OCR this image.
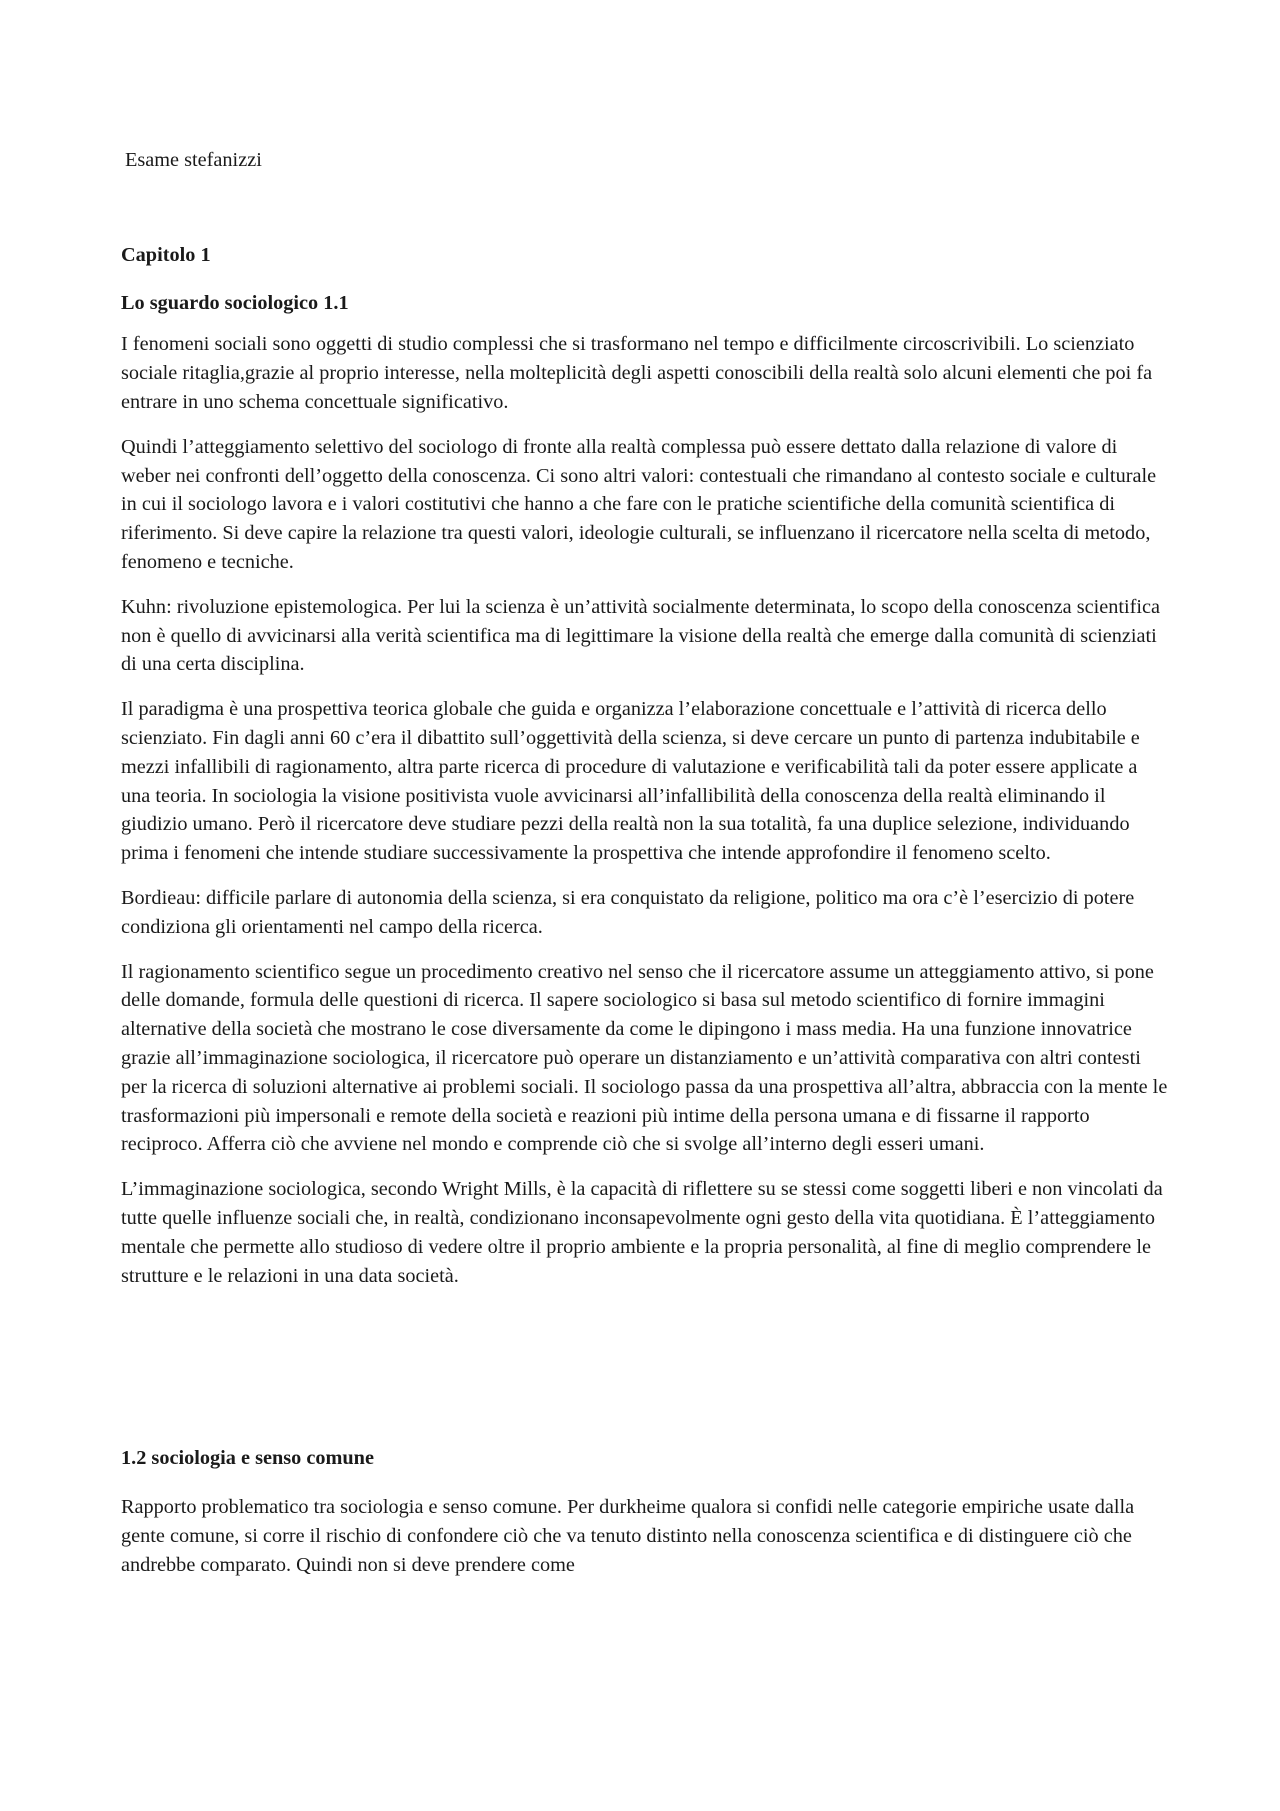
Esame stefanizzi

Capitolo 1

Lo sguardo sociologico 1.1

I fenomeni sociali sono oggetti di studio complessi che si trasformano nel tempo e difficilmente circoscrivibili. Lo scienziato sociale ritaglia,grazie al proprio interesse, nella molteplicità degli aspetti conoscibili della realtà solo alcuni elementi che poi fa entrare in uno schema concettuale significativo.

Quindi l’atteggiamento selettivo del sociologo di fronte alla realtà complessa può essere dettato dalla relazione di valore di weber nei confronti dell’oggetto della conoscenza. Ci sono altri valori: contestuali che rimandano al contesto sociale e culturale in cui il sociologo lavora e i valori costitutivi che hanno a che fare con le pratiche scientifiche della comunità scientifica di riferimento. Si deve capire la relazione tra questi valori, ideologie culturali, se influenzano il ricercatore nella scelta di metodo, fenomeno e tecniche.

Kuhn: rivoluzione epistemologica. Per lui la scienza è un’attività socialmente determinata, lo scopo della conoscenza scientifica non è quello di avvicinarsi alla verità scientifica ma di legittimare la visione della realtà che emerge dalla comunità di scienziati di una certa disciplina.

Il paradigma è una prospettiva teorica globale che guida e organizza l’elaborazione concettuale e l’attività di ricerca dello scienziato. Fin dagli anni 60 c’era il dibattito sull’oggettività della scienza, si deve cercare un punto di partenza indubitabile e mezzi infallibili di ragionamento, altra parte ricerca di procedure di valutazione e verificabilità tali da poter essere applicate a una teoria. In sociologia la visione positivista vuole avvicinarsi all’infallibilità della conoscenza della realtà eliminando il giudizio umano. Però il ricercatore deve studiare pezzi della realtà non la sua totalità, fa una duplice selezione, individuando prima i fenomeni che intende studiare successivamente la prospettiva che intende approfondire il fenomeno scelto.

Bordieau: difficile parlare di autonomia della scienza, si era conquistato da religione, politico ma ora c’è l’esercizio di potere condiziona gli orientamenti nel campo della ricerca.

Il ragionamento scientifico segue un procedimento creativo nel senso che il ricercatore assume un atteggiamento attivo, si pone delle domande, formula delle questioni di ricerca. Il sapere sociologico si basa sul metodo scientifico di fornire immagini alternative della società che mostrano le cose diversamente da come le dipingono i mass media. Ha una funzione innovatrice grazie all’immaginazione sociologica, il ricercatore può operare un distanziamento e un’attività comparativa con altri contesti per la ricerca di soluzioni alternative ai problemi sociali. Il sociologo passa da una prospettiva all’altra, abbraccia con la mente le trasformazioni più impersonali e remote della società e reazioni più intime della persona umana e di fissarne il rapporto reciproco. Afferra ciò che avviene nel mondo e comprende ciò che si svolge all’interno degli esseri umani.

L’immaginazione sociologica, secondo Wright Mills, è la capacità di riflettere su se stessi come soggetti liberi e non vincolati da tutte quelle influenze sociali che, in realtà, condizionano inconsapevolmente ogni gesto della vita quotidiana. È l’atteggiamento mentale che permette allo studioso di vedere oltre il proprio ambiente e la propria personalità, al fine di meglio comprendere le strutture e le relazioni in una data società.

1.2 sociologia e senso comune

Rapporto problematico tra sociologia e senso comune. Per durkheime qualora si confidi nelle categorie empiriche usate dalla gente comune, si corre il rischio di confondere ciò che va tenuto distinto nella conoscenza scientifica e di distinguere ciò che andrebbe comparato. Quindi non si deve prendere come
